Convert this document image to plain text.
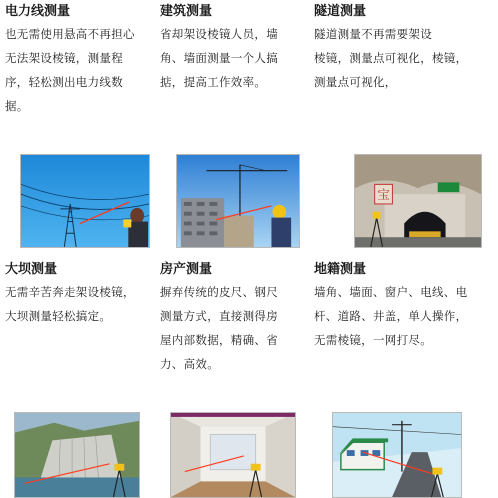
电力线测量
也无需使用悬高不再担心
无法架设棱镜，测量程
序，轻松测出电力线数
据。
建筑测量
省却架设棱镜人员，墙
角、墙面测量一个人搞
掂，提高工作效率。
隧道测量
隧道测量不再需要架设
棱镜，测量点可视化，棱镜，
测量点可视化，
宝
大坝测量
无需辛苦奔走架设棱镜，
大坝测量轻松搞定。
房产测量
摒弃传统的皮尺、钢尺
测量方式，直接测得房
屋内部数据，精确、省
力、高效。
地籍测量
墙角、墙面、窗户、电线、电
杆、道路、井盖，单人操作，
无需棱镜，一网打尽。
